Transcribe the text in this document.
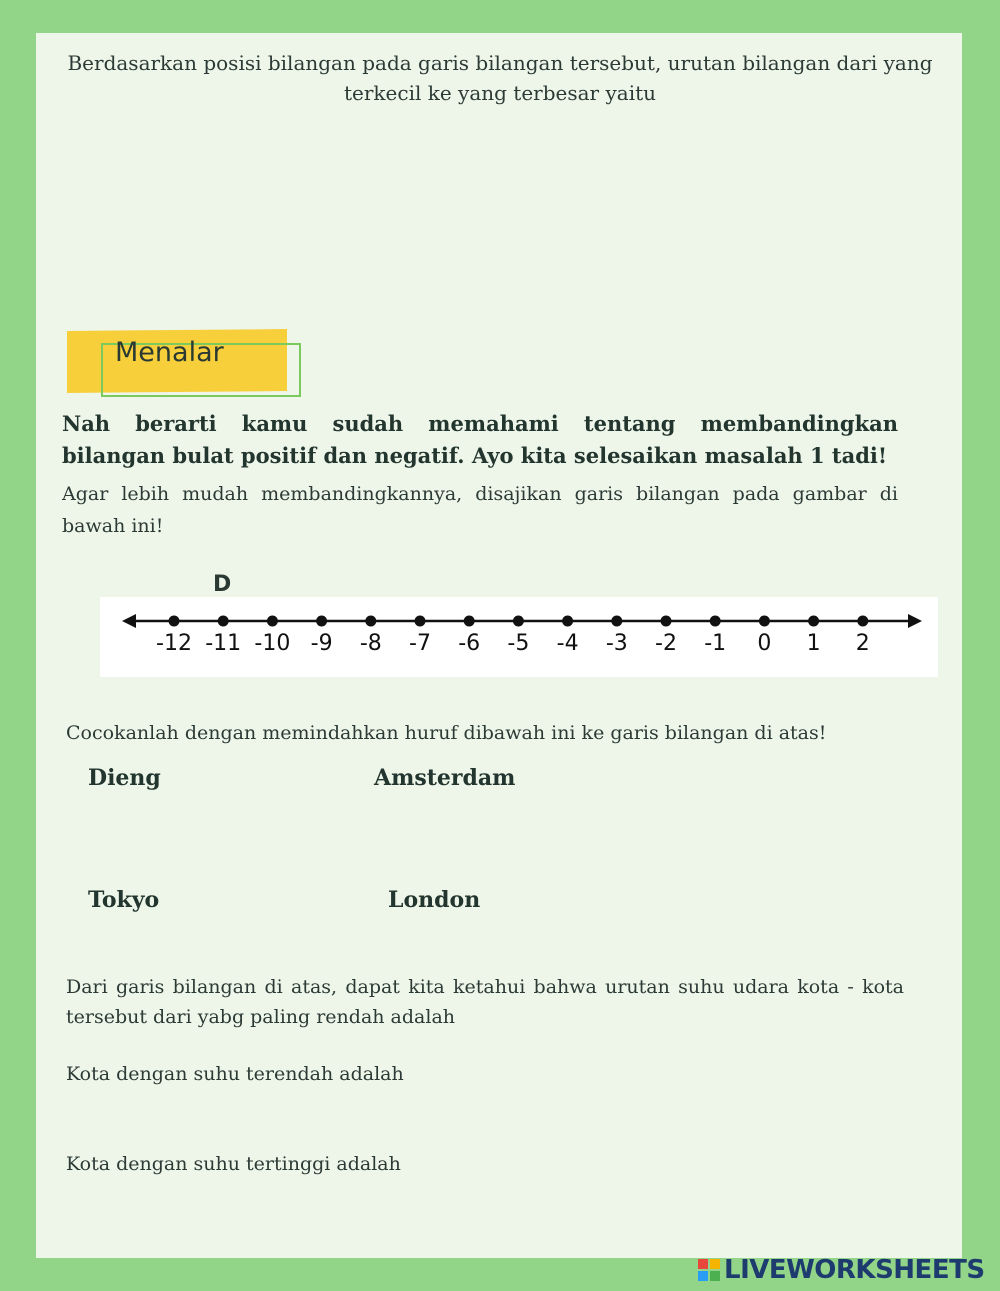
Berdasarkan posisi bilangan pada garis bilangan tersebut, urutan bilangan dari yang terkecil ke yang terbesar yaitu
Menalar
Nah berarti kamu sudah memahami tentang membandingkan bilangan bulat positif dan negatif. Ayo kita selesaikan masalah 1 tadi!
Agar lebih mudah membandingkannya, disajikan garis bilangan pada gambar di bawah ini!
D
-12 -11 -10 -9 -8 -7 -6 -5 -4 -3 -2 -1 0 1 2
Cocokanlah dengan memindahkan huruf dibawah ini ke garis bilangan di atas!
Dieng	Amsterdam
Tokyo	London
Dari garis bilangan di atas, dapat kita ketahui bahwa urutan suhu udara kota - kota tersebut dari yabg paling rendah adalah
Kota dengan suhu terendah adalah
Kota dengan suhu tertinggi adalah
LIVEWORKSHEETS
